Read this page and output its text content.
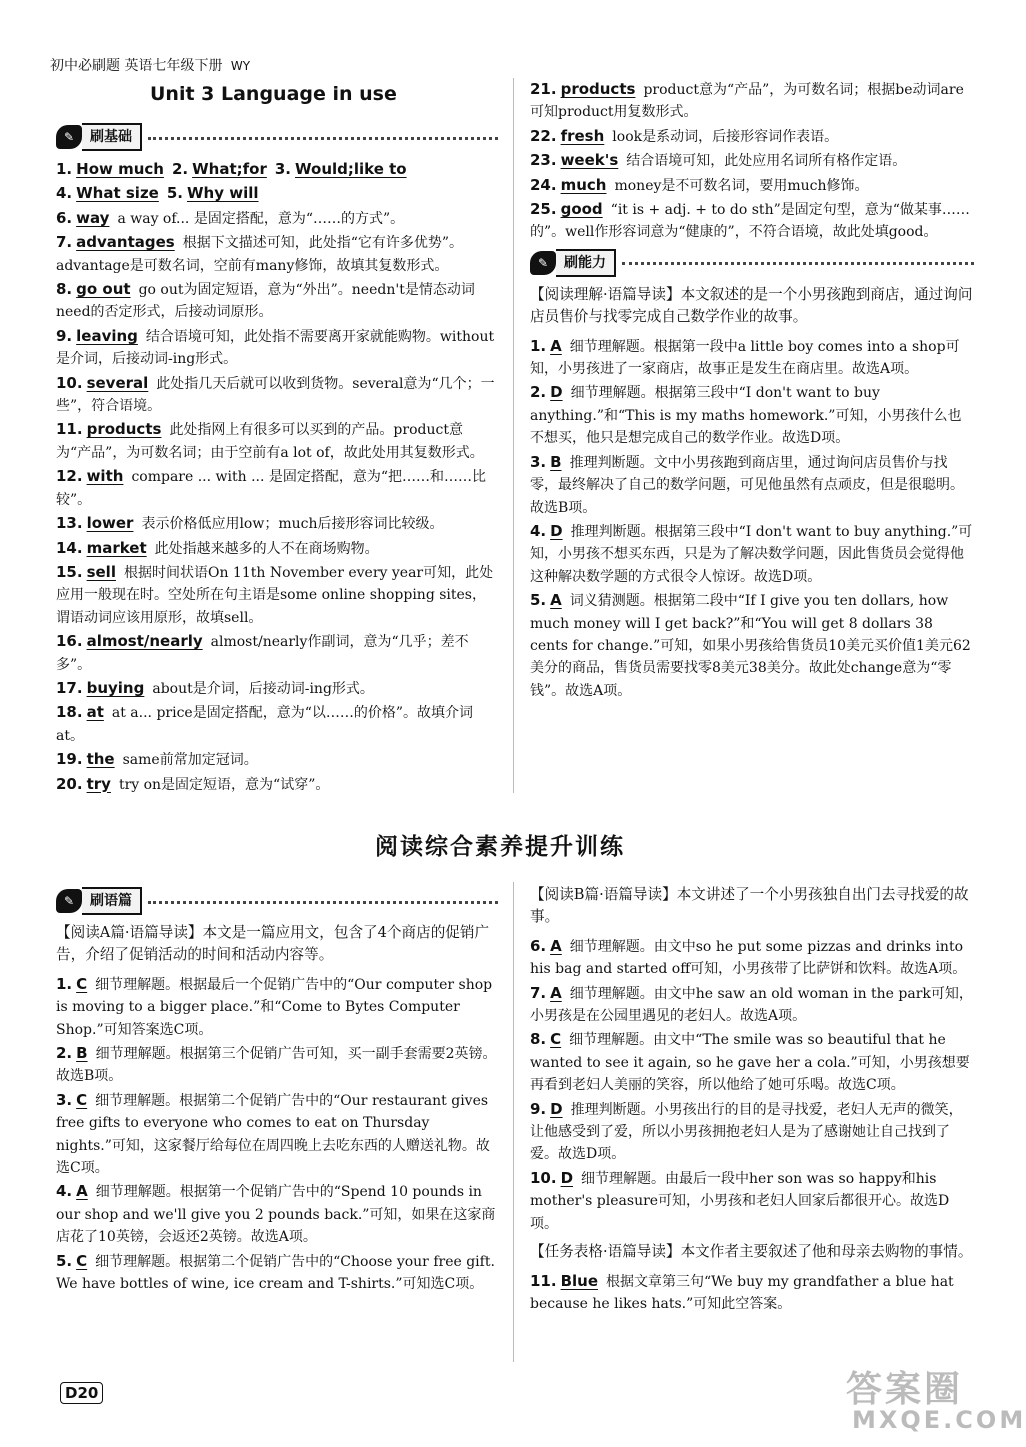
初中必刷题 英语七年级下册 WY
Unit 3 Language in use
✎	刷基础
1. How much 2. What;for 3. Would;like to
4. What size 5. Why will
6. way a way of... 是固定搭配，意为“……的方式”。
7. advantages 根据下文描述可知，此处指“它有许多优势”。advantage是可数名词，空前有many修饰，故填其复数形式。
8. go out go out为固定短语，意为“外出”。needn't是情态动词need的否定形式，后接动词原形。
9. leaving 结合语境可知，此处指不需要离开家就能购物。without是介词，后接动词-ing形式。
10. several 此处指几天后就可以收到货物。several意为“几个；一些”，符合语境。
11. products 此处指网上有很多可以买到的产品。product意为“产品”，为可数名词；由于空前有a lot of，故此处用其复数形式。
12. with compare ... with ... 是固定搭配，意为“把……和……比较”。
13. lower 表示价格低应用low；much后接形容词比较级。
14. market 此处指越来越多的人不在商场购物。
15. sell 根据时间状语On 11th November every year可知，此处应用一般现在时。空处所在句主语是some online shopping sites，谓语动词应该用原形，故填sell。
16. almost/nearly almost/nearly作副词，意为“几乎；差不多”。
17. buying about是介词，后接动词-ing形式。
18. at at a... price是固定搭配，意为“以……的价格”。故填介词at。
19. the same前常加定冠词。
20. try try on是固定短语，意为“试穿”。
21. products product意为“产品”，为可数名词；根据be动词are可知product用复数形式。
22. fresh look是系动词，后接形容词作表语。
23. week's 结合语境可知，此处应用名词所有格作定语。
24. much money是不可数名词，要用much修饰。
25. good “it is + adj. + to do sth”是固定句型，意为“做某事……的”。well作形容词意为“健康的”，不符合语境，故此处填good。
✎	刷能力
【阅读理解·语篇导读】本文叙述的是一个小男孩跑到商店，通过询问店员售价与找零完成自己数学作业的故事。
1. A 细节理解题。根据第一段中a little boy comes into a shop可知，小男孩进了一家商店，故事正是发生在商店里。故选A项。
2. D 细节理解题。根据第三段中“I don't want to buy anything.”和“This is my maths homework.”可知，小男孩什么也不想买，他只是想完成自己的数学作业。故选D项。
3. B 推理判断题。文中小男孩跑到商店里，通过询问店员售价与找零，最终解决了自己的数学问题，可见他虽然有点顽皮，但是很聪明。故选B项。
4. D 推理判断题。根据第三段中“I don't want to buy anything.”可知，小男孩不想买东西，只是为了解决数学问题，因此售货员会觉得他这种解决数学题的方式很令人惊讶。故选D项。
5. A 词义猜测题。根据第二段中“If I give you ten dollars, how much money will I get back?”和“You will get 8 dollars 38 cents for change.”可知，如果小男孩给售货员10美元买价值1美元62美分的商品，售货员需要找零8美元38美分。故此处change意为“零钱”。故选A项。
阅读综合素养提升训练
✎	刷语篇
【阅读A篇·语篇导读】本文是一篇应用文，包含了4个商店的促销广告，介绍了促销活动的时间和活动内容等。
1. C 细节理解题。根据最后一个促销广告中的“Our computer shop is moving to a bigger place.”和“Come to Bytes Computer Shop.”可知答案选C项。
2. B 细节理解题。根据第三个促销广告可知，买一副手套需要2英镑。故选B项。
3. C 细节理解题。根据第二个促销广告中的“Our restaurant gives free gifts to everyone who comes to eat on Thursday nights.”可知，这家餐厅给每位在周四晚上去吃东西的人赠送礼物。故选C项。
4. A 细节理解题。根据第一个促销广告中的“Spend 10 pounds in our shop and we'll give you 2 pounds back.”可知，如果在这家商店花了10英镑，会返还2英镑。故选A项。
5. C 细节理解题。根据第二个促销广告中的“Choose your free gift. We have bottles of wine, ice cream and T-shirts.”可知选C项。
【阅读B篇·语篇导读】本文讲述了一个小男孩独自出门去寻找爱的故事。
6. A 细节理解题。由文中so he put some pizzas and drinks into his bag and started off可知，小男孩带了比萨饼和饮料。故选A项。
7. A 细节理解题。由文中he saw an old woman in the park可知，小男孩是在公园里遇见的老妇人。故选A项。
8. C 细节理解题。由文中“The smile was so beautiful that he wanted to see it again, so he gave her a cola.”可知，小男孩想要再看到老妇人美丽的笑容，所以他给了她可乐喝。故选C项。
9. D 推理判断题。小男孩出行的目的是寻找爱，老妇人无声的微笑，让他感受到了爱，所以小男孩拥抱老妇人是为了感谢她让自己找到了爱。故选D项。
10. D 细节理解题。由最后一段中her son was so happy和his mother's pleasure可知，小男孩和老妇人回家后都很开心。故选D项。
【任务表格·语篇导读】本文作者主要叙述了他和母亲去购物的事情。
11. Blue 根据文章第三句“We buy my grandfather a blue hat because he likes hats.”可知此空答案。
D20	答案圈
MXQE.COM
